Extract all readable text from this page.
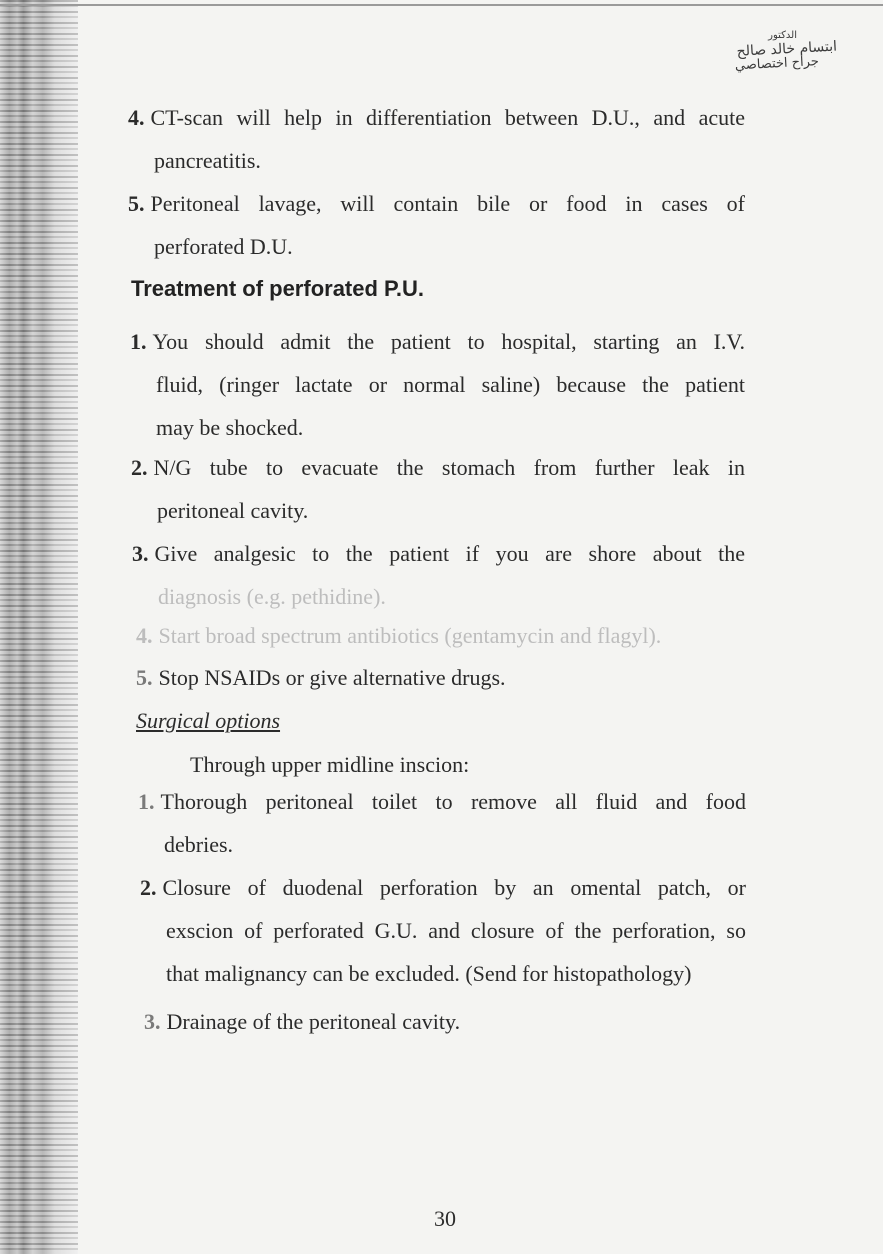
الدكتور
ابتسام خالد صالح
جراح اختصاصي
4. CT-scan will help in differentiation between D.U., and acute
pancreatitis.
5. Peritoneal lavage, will contain bile or food in cases of
perforated D.U.
Treatment of perforated P.U.
1. You should admit the patient to hospital, starting an I.V.
fluid, (ringer lactate or normal saline) because the patient
may be shocked.
2. N/G tube to evacuate the stomach from further leak in
peritoneal cavity.
3. Give analgesic to the patient if you are shore about the
diagnosis (e.g. pethidine).
4. Start broad spectrum antibiotics (gentamycin and flagyl).
5. Stop NSAIDs or give alternative drugs.
Surgical options
Through upper midline inscion:
1. Thorough peritoneal toilet to remove all fluid and food
debries.
2. Closure of duodenal perforation by an omental patch, or
exscion of perforated G.U. and closure of the perforation, so
that malignancy can be excluded. (Send for histopathology)
3. Drainage of the peritoneal cavity.
30
